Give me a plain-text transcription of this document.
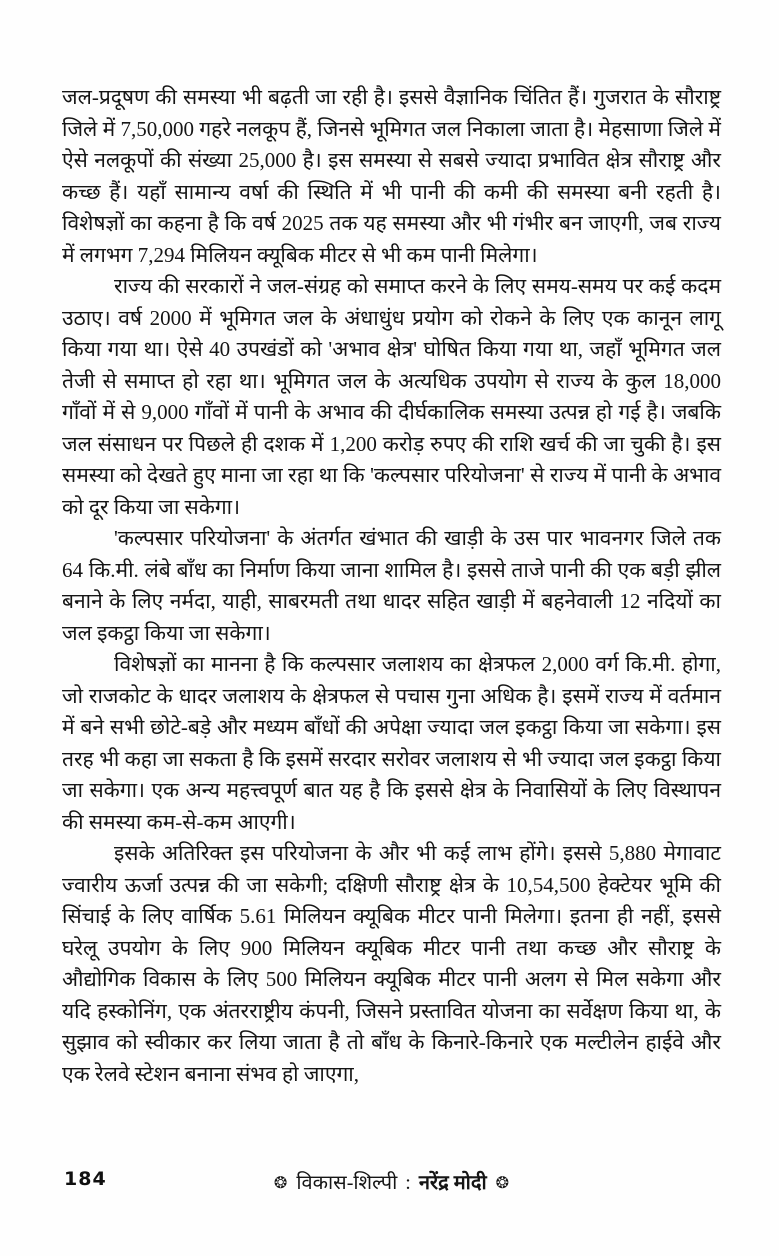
जल-प्रदूषण की समस्या भी बढ़ती जा रही है। इससे वैज्ञानिक चिंतित हैं। गुजरात के सौराष्ट्र जिले में 7,50,000 गहरे नलकूप हैं, जिनसे भूमिगत जल निकाला जाता है। मेहसाणा जिले में ऐसे नलकूपों की संख्या 25,000 है। इस समस्या से सबसे ज्यादा प्रभावित क्षेत्र सौराष्ट्र और कच्छ हैं। यहाँ सामान्य वर्षा की स्थिति में भी पानी की कमी की समस्या बनी रहती है। विशेषज्ञों का कहना है कि वर्ष 2025 तक यह समस्या और भी गंभीर बन जाएगी, जब राज्य में लगभग 7,294 मिलियन क्यूबिक मीटर से भी कम पानी मिलेगा।

राज्य की सरकारों ने जल-संग्रह को समाप्त करने के लिए समय-समय पर कई कदम उठाए। वर्ष 2000 में भूमिगत जल के अंधाधुंध प्रयोग को रोकने के लिए एक कानून लागू किया गया था। ऐसे 40 उपखंडों को 'अभाव क्षेत्र' घोषित किया गया था, जहाँ भूमिगत जल तेजी से समाप्त हो रहा था। भूमिगत जल के अत्यधिक उपयोग से राज्य के कुल 18,000 गाँवों में से 9,000 गाँवों में पानी के अभाव की दीर्घकालिक समस्या उत्पन्न हो गई है। जबकि जल संसाधन पर पिछले ही दशक में 1,200 करोड़ रुपए की राशि खर्च की जा चुकी है। इस समस्या को देखते हुए माना जा रहा था कि 'कल्पसार परियोजना' से राज्य में पानी के अभाव को दूर किया जा सकेगा।

'कल्पसार परियोजना' के अंतर्गत खंभात की खाड़ी के उस पार भावनगर जिले तक 64 कि.मी. लंबे बाँध का निर्माण किया जाना शामिल है। इससे ताजे पानी की एक बड़ी झील बनाने के लिए नर्मदा, याही, साबरमती तथा धादर सहित खाड़ी में बहनेवाली 12 नदियों का जल इकट्ठा किया जा सकेगा।

विशेषज्ञों का मानना है कि कल्पसार जलाशय का क्षेत्रफल 2,000 वर्ग कि.मी. होगा, जो राजकोट के धादर जलाशय के क्षेत्रफल से पचास गुना अधिक है। इसमें राज्य में वर्तमान में बने सभी छोटे-बड़े और मध्यम बाँधों की अपेक्षा ज्यादा जल इकट्ठा किया जा सकेगा। इस तरह भी कहा जा सकता है कि इसमें सरदार सरोवर जलाशय से भी ज्यादा जल इकट्ठा किया जा सकेगा। एक अन्य महत्त्वपूर्ण बात यह है कि इससे क्षेत्र के निवासियों के लिए विस्थापन की समस्या कम-से-कम आएगी।

इसके अतिरिक्त इस परियोजना के और भी कई लाभ होंगे। इससे 5,880 मेगावाट ज्वारीय ऊर्जा उत्पन्न की जा सकेगी; दक्षिणी सौराष्ट्र क्षेत्र के 10,54,500 हेक्टेयर भूमि की सिंचाई के लिए वार्षिक 5.61 मिलियन क्यूबिक मीटर पानी मिलेगा। इतना ही नहीं, इससे घरेलू उपयोग के लिए 900 मिलियन क्यूबिक मीटर पानी तथा कच्छ और सौराष्ट्र के औद्योगिक विकास के लिए 500 मिलियन क्यूबिक मीटर पानी अलग से मिल सकेगा और यदि हस्कोनिंग, एक अंतरराष्ट्रीय कंपनी, जिसने प्रस्तावित योजना का सर्वेक्षण किया था, के सुझाव को स्वीकार कर लिया जाता है तो बाँध के किनारे-किनारे एक मल्टीलेन हाईवे और एक रेलवे स्टेशन बनाना संभव हो जाएगा,

184	❂ विकास-शिल्पी : नरेंद्र मोदी ❂
